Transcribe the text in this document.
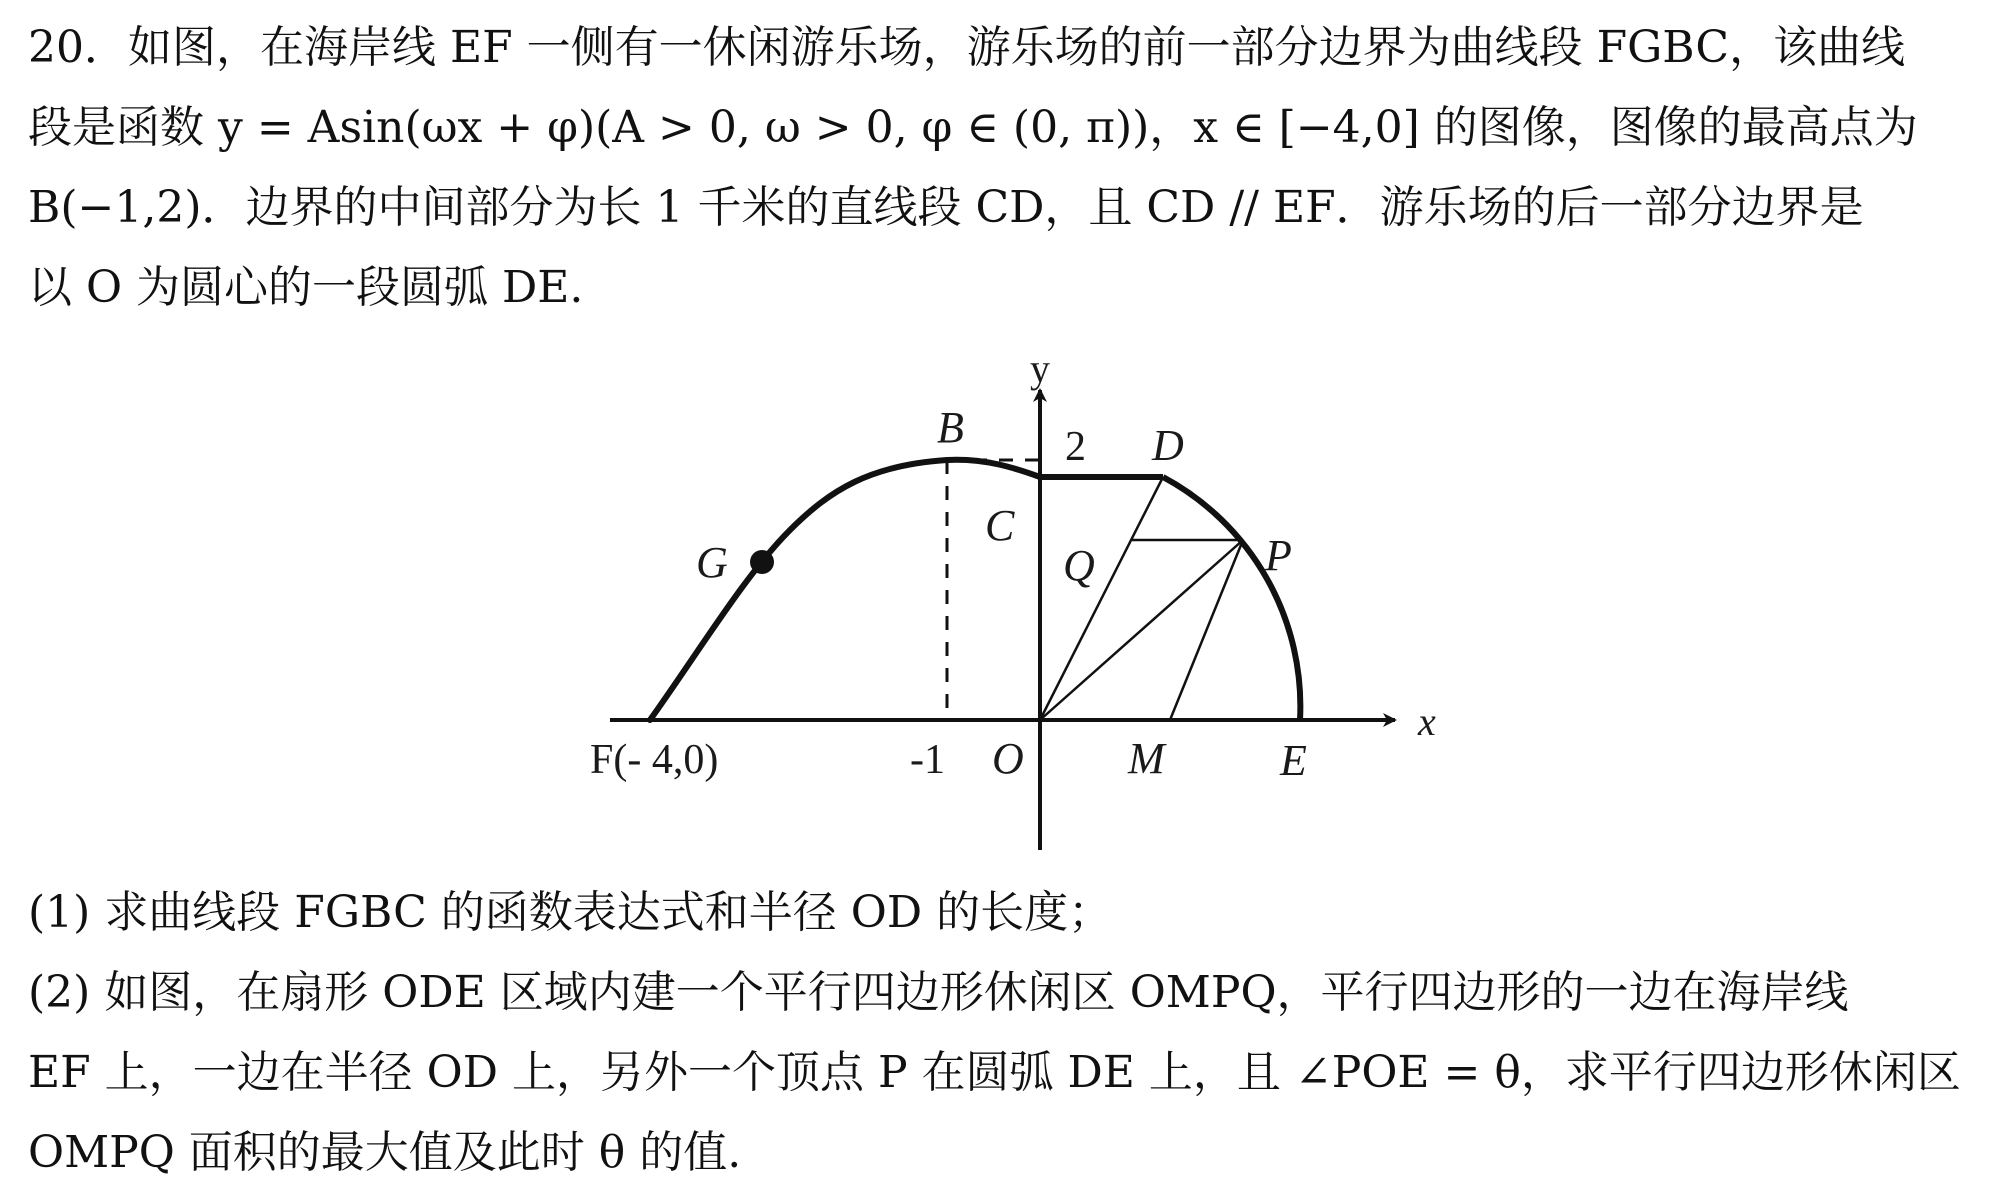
20．如图，在海岸线 EF 一侧有一休闲游乐场，游乐场的前一部分边界为曲线段 FGBC，该曲线
段是函数 y = Asin(ωx + φ)(A > 0, ω > 0, φ ∈ (0, π))，x ∈ [−4,0] 的图像，图像的最高点为
B(−1,2)．边界的中间部分为长 1 千米的直线段 CD，且 CD // EF．游乐场的后一部分边界是
以 O 为圆心的一段圆弧 DE.
y
x
B 2 D
C
G	Q	P
F(- 4,0)	-1 O M	E
(1) 求曲线段 FGBC 的函数表达式和半径 OD 的长度；
(2) 如图，在扇形 ODE 区域内建一个平行四边形休闲区 OMPQ，平行四边形的一边在海岸线
EF 上，一边在半径 OD 上，另外一个顶点 P 在圆弧 DE 上，且 ∠POE = θ，求平行四边形休闲区
OMPQ 面积的最大值及此时 θ 的值.
